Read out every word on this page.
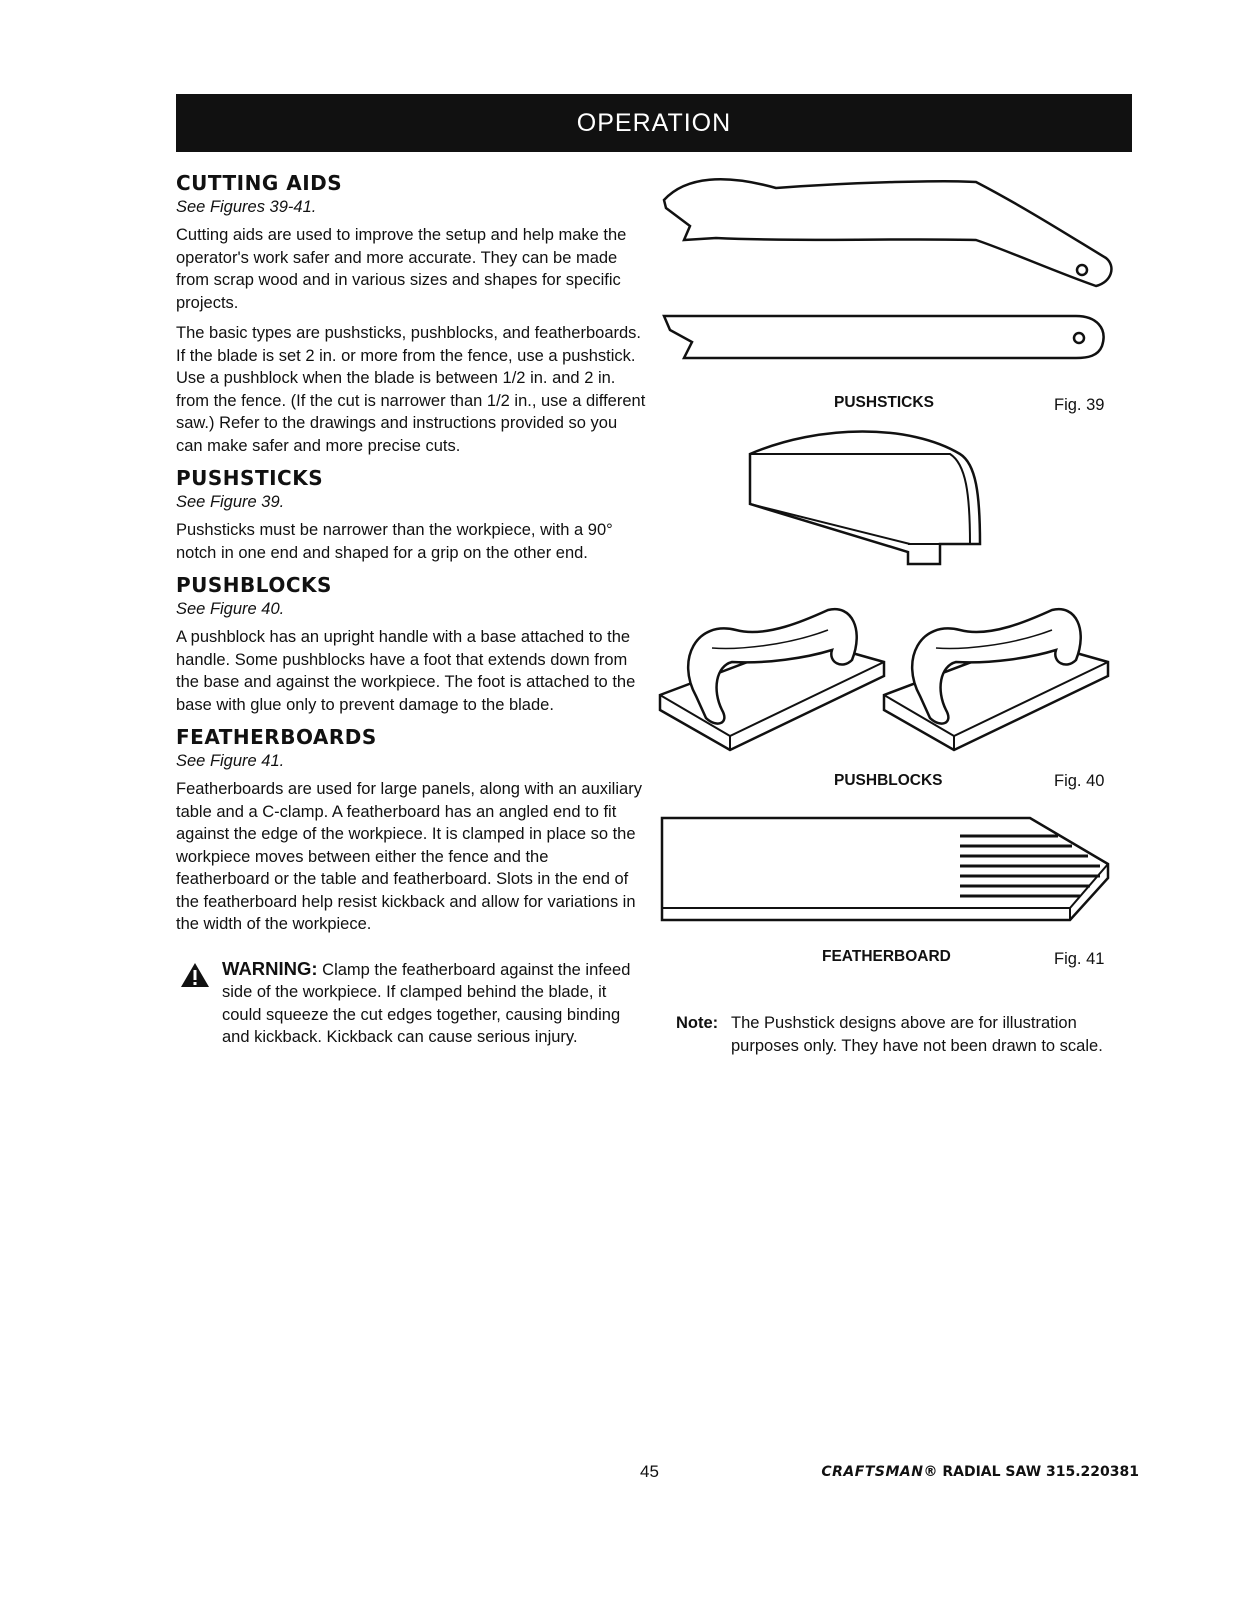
OPERATION
CUTTING AIDS
See Figures 39-41.

Cutting aids are used to improve the setup and help make the operator's work safer and more accurate. They can be made from scrap wood and in various sizes and shapes for specific projects.

The basic types are pushsticks, pushblocks, and featherboards. If the blade is set 2 in. or more from the fence, use a pushstick. Use a pushblock when the blade is between 1/2 in. and 2 in. from the fence. (If the cut is narrower than 1/2 in., use a different saw.) Refer to the drawings and instructions provided so you can make safer and more precise cuts.

PUSHSTICKS
See Figure 39.

Pushsticks must be narrower than the workpiece, with a 90° notch in one end and shaped for a grip on the other end.

PUSHBLOCKS
See Figure 40.

A pushblock has an upright handle with a base attached to the handle. Some pushblocks have a foot that extends down from the base and against the workpiece. The foot is attached to the base with glue only to prevent damage to the blade.

FEATHERBOARDS
See Figure 41.

Featherboards are used for large panels, along with an auxiliary table and a C-clamp. A featherboard has an angled end to fit against the edge of the workpiece. It is clamped in place so the workpiece moves between either the fence and the featherboard or the table and featherboard. Slots in the end of the featherboard help resist kickback and allow for variations in the width of the workpiece.

WARNING: Clamp the featherboard against the infeed side of the workpiece. If clamped behind the blade, it could squeeze the cut edges together, causing binding and kickback. Kickback can cause serious injury.
PUSHSTICKS	Fig. 39
PUSHBLOCKS	Fig. 40
FEATHERBOARD	Fig. 41
Note: The Pushstick designs above are for illustration purposes only. They have not been drawn to scale.
45	CRAFTSMAN® RADIAL SAW 315.220381
